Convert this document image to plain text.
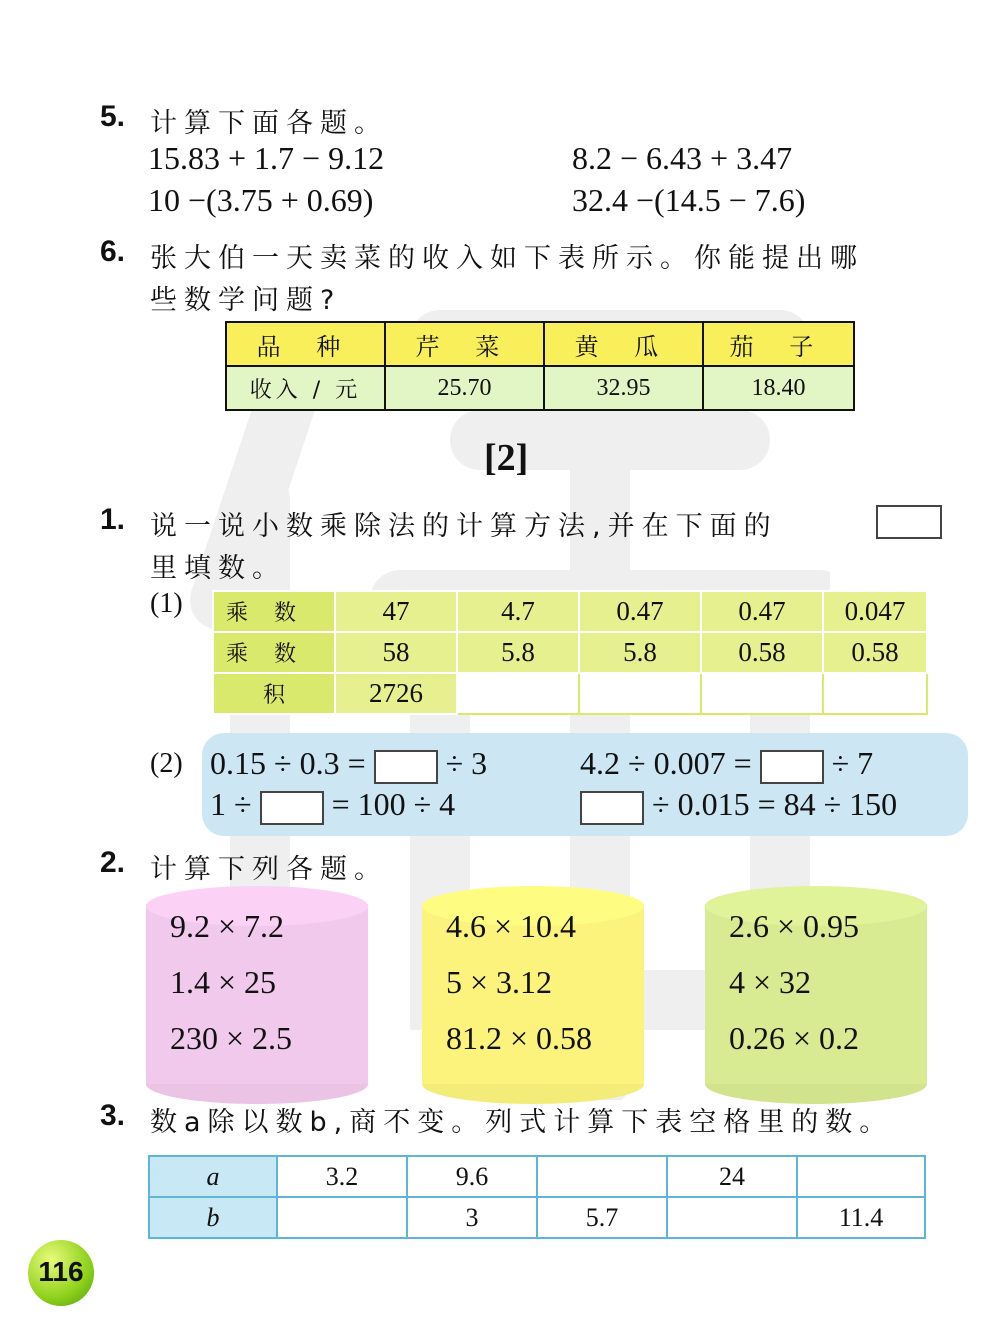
5. 计算下面各题。
15.83 + 1.7 − 9.12	8.2 − 6.43 + 3.47
10 −(3.75 + 0.69)	32.4 −(14.5 − 7.6)
6. 张大伯一天卖菜的收入如下表所示。你能提出哪
些数学问题?
品 种	芹 菜	黄 瓜	茄 子
收入 / 元	25.70	32.95	18.40
[2]
1. 说一说小数乘除法的计算方法,并在下面的
里填数。
(1) 乘数	47	4.7	0.47	0.47	0.047
乘数	58	5.8	5.8	0.58	0.58
积	2726				
(2) 0.15 ÷ 0.3 =	÷ 3	4.2 ÷ 0.007 =	÷ 7
1 ÷	= 100 ÷ 4	÷ 0.015 = 84 ÷ 150
2. 计算下列各题。
9.2 × 7.2
1.4 × 25
230 × 2.5
4.6 × 10.4
5 × 3.12
81.2 × 0.58
2.6 × 0.95
4 × 32
0.26 × 0.2
3. 数a除以数b,商不变。列式计算下表空格里的数。
a	3.2	9.6		24	
b		3	5.7		11.4
116
